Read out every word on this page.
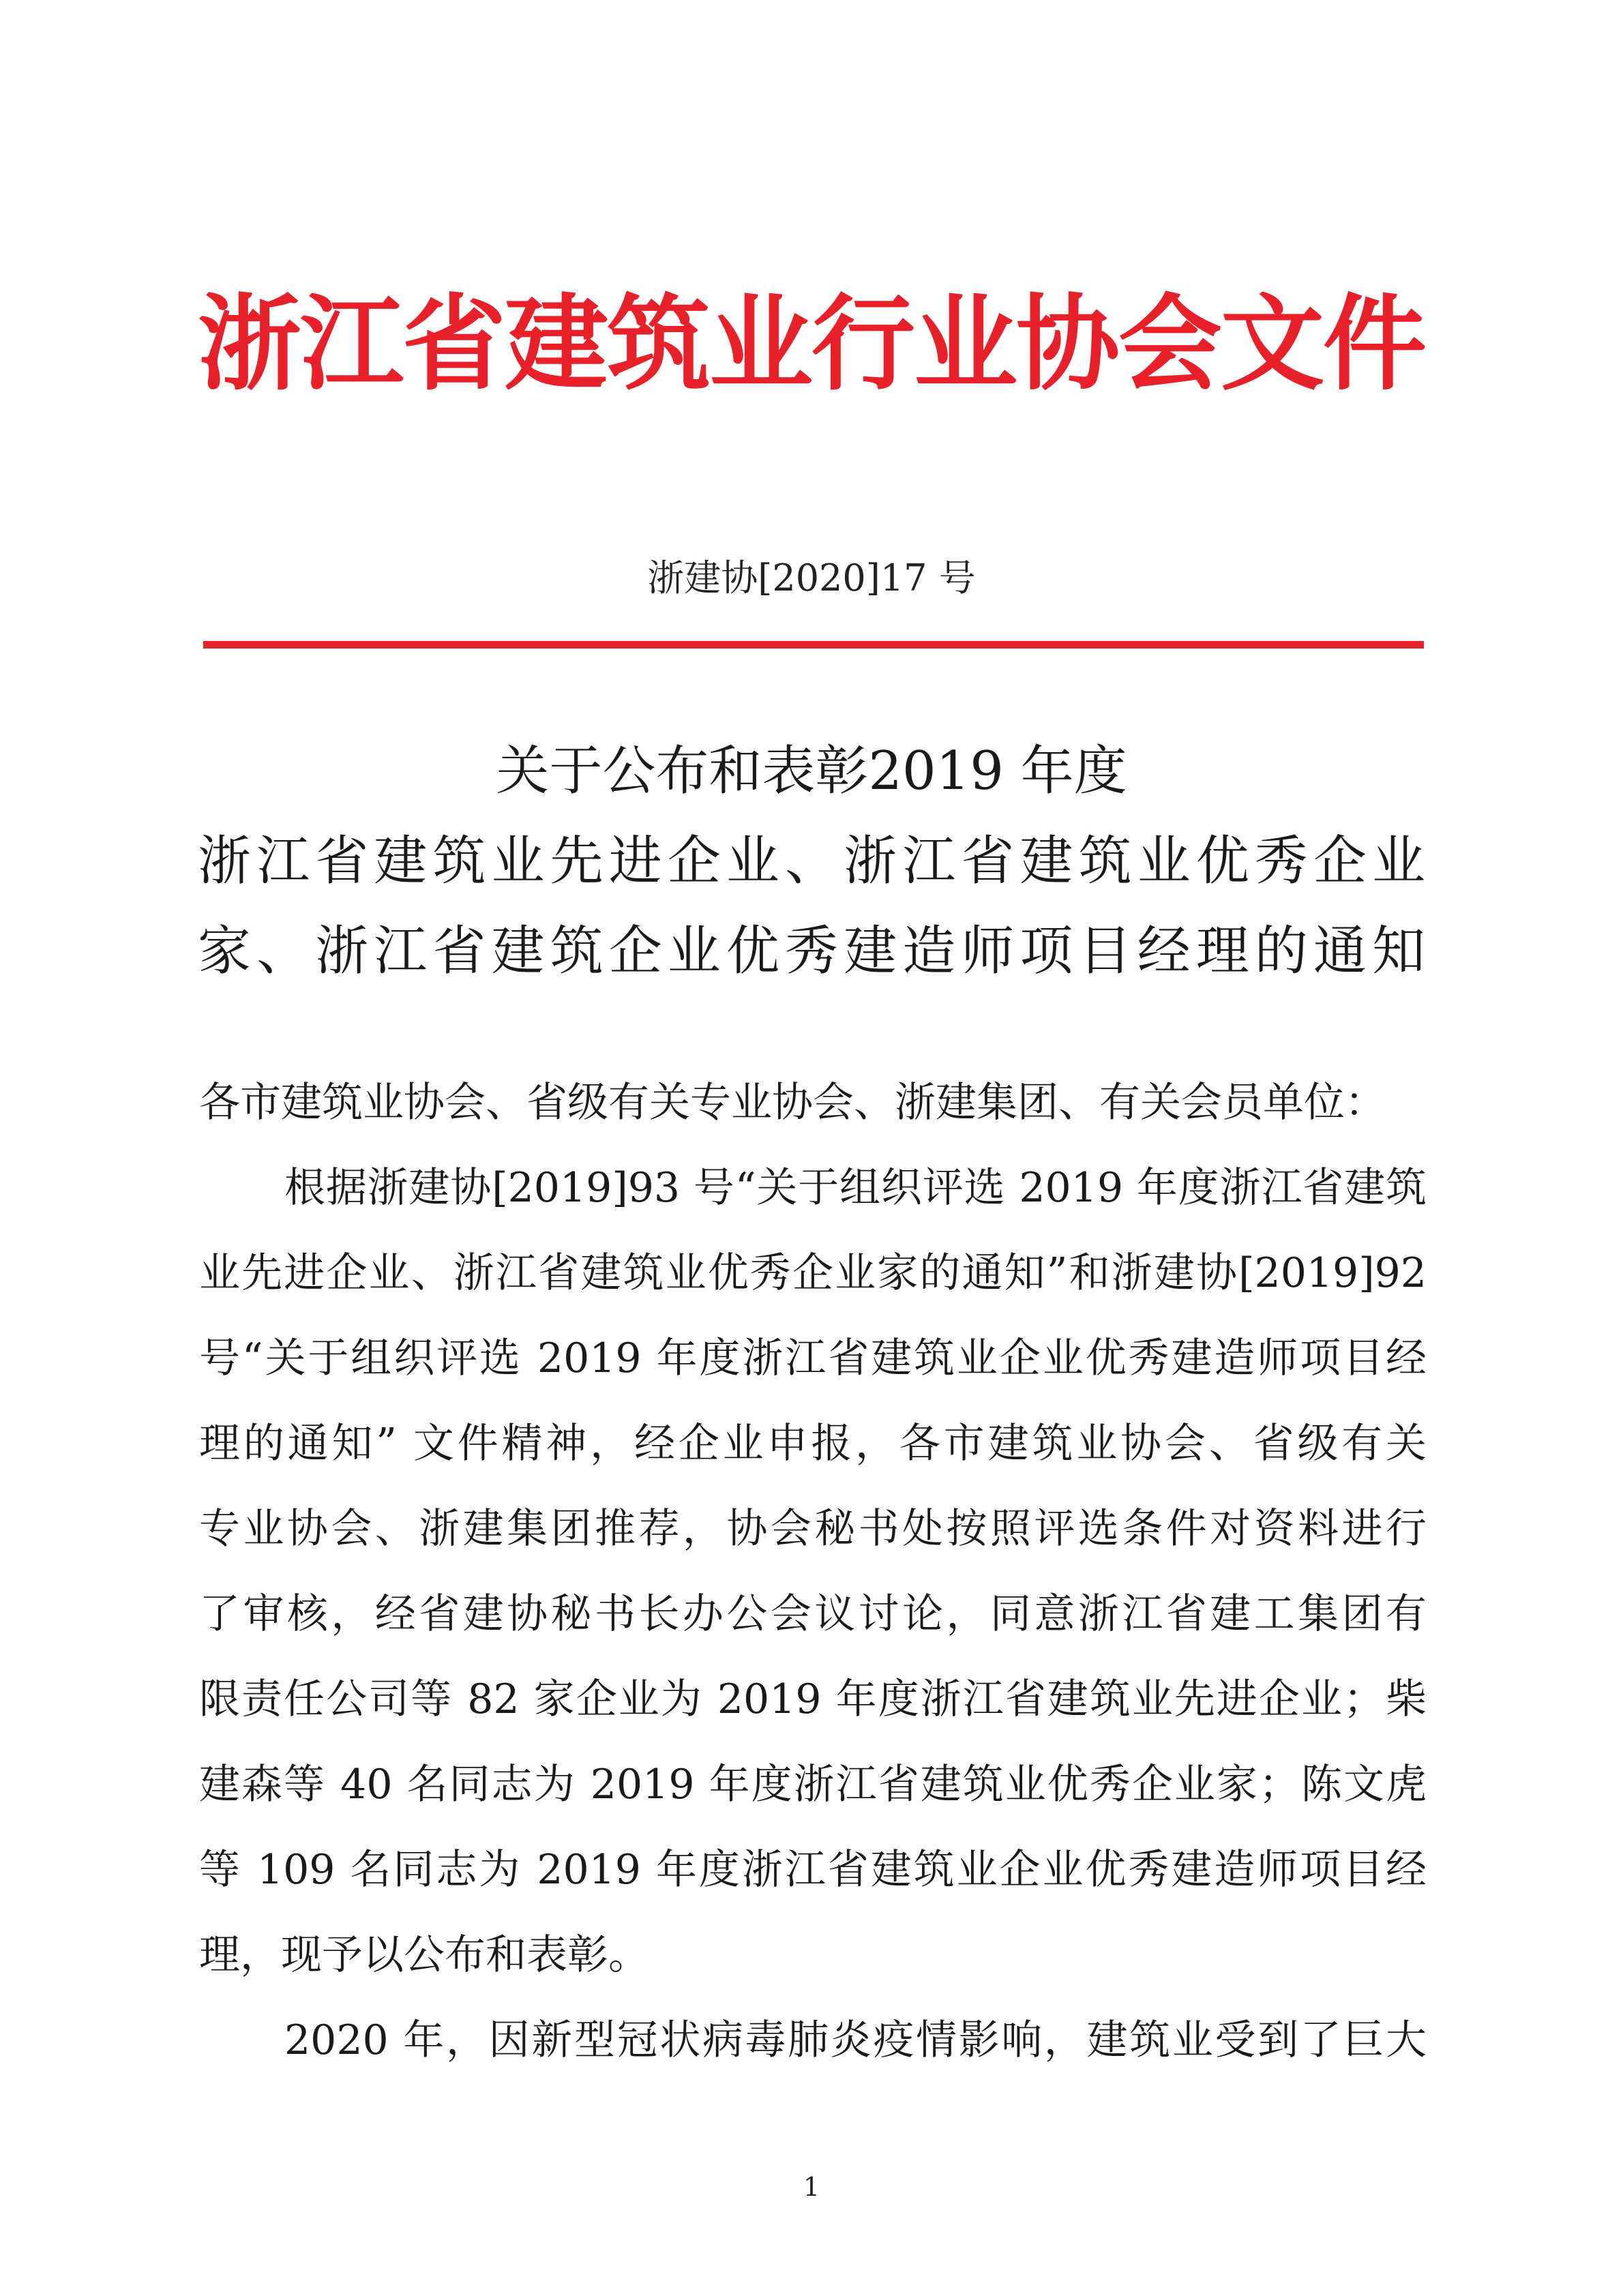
浙江省建筑业行业协会文件
浙建协[2020]17 号
关于公布和表彰2019 年度
浙江省建筑业先进企业、浙江省建筑业优秀企业
家、浙江省建筑企业优秀建造师项目经理的通知
各市建筑业协会、省级有关专业协会、浙建集团、有关会员单位：
根据浙建协[2019]93 号“关于组织评选 2019 年度浙江省建筑
业先进企业、浙江省建筑业优秀企业家的通知”和浙建协[2019]92
号“关于组织评选 2019 年度浙江省建筑业企业优秀建造师项目经
理的通知” 文件精神，经企业申报，各市建筑业协会、省级有关
专业协会、浙建集团推荐，协会秘书处按照评选条件对资料进行
了审核，经省建协秘书长办公会议讨论，同意浙江省建工集团有
限责任公司等 82 家企业为 2019 年度浙江省建筑业先进企业；柴
建森等 40 名同志为 2019 年度浙江省建筑业优秀企业家；陈文虎
等 109 名同志为 2019 年度浙江省建筑业企业优秀建造师项目经
理，现予以公布和表彰。
2020 年，因新型冠状病毒肺炎疫情影响，建筑业受到了巨大
1
